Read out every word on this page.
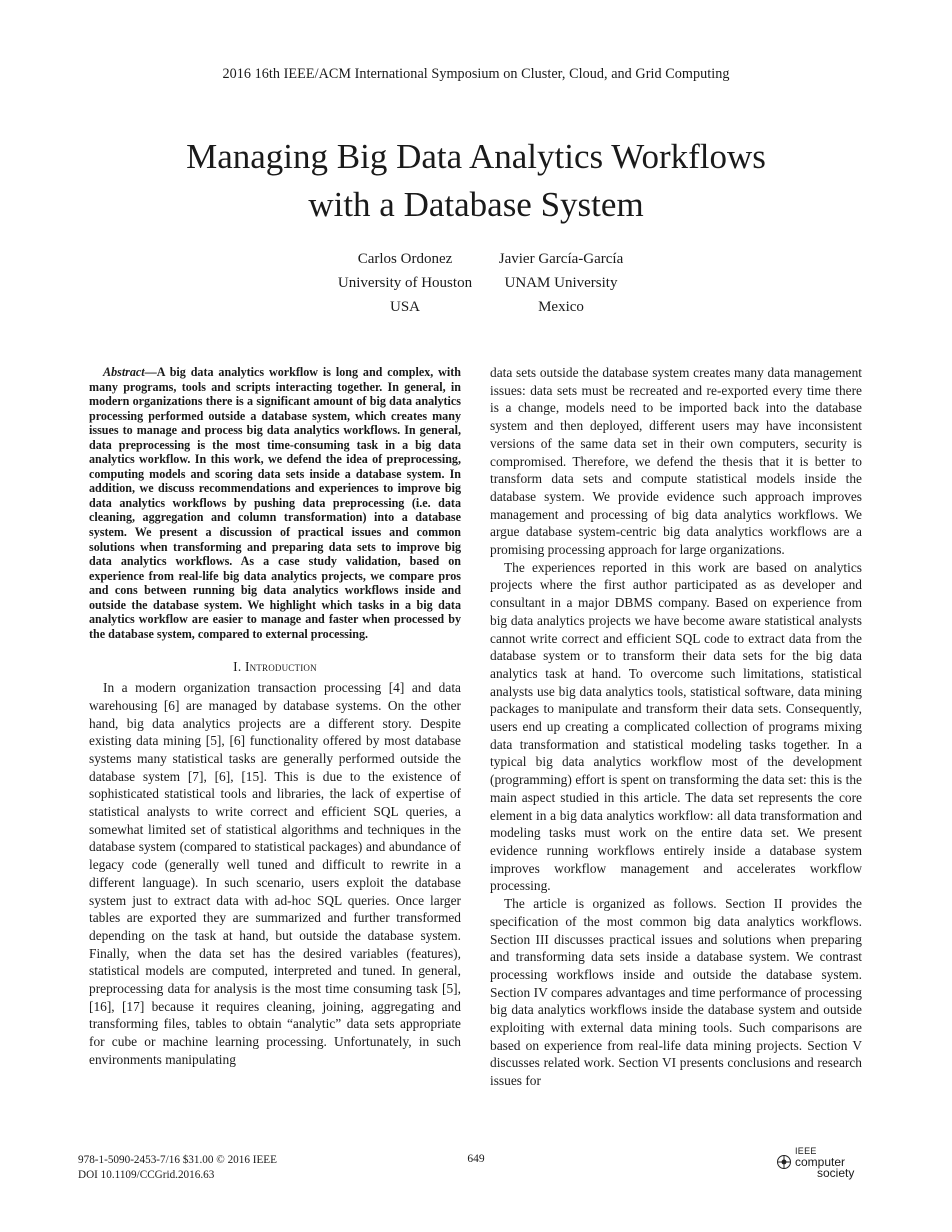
2016 16th IEEE/ACM International Symposium on Cluster, Cloud, and Grid Computing
Managing Big Data Analytics Workflows
with a Database System
Carlos Ordonez
University of Houston
USA
Javier García-García
UNAM University
Mexico

Abstract—A big data analytics workflow is long and complex, with many programs, tools and scripts interacting together. In general, in modern organizations there is a significant amount of big data analytics processing performed outside a database system, which creates many issues to manage and process big data analytics workflows. In general, data preprocessing is the most time-consuming task in a big data analytics workflow. In this work, we defend the idea of preprocessing, computing models and scoring data sets inside a database system. In addition, we discuss recommendations and experiences to improve big data analytics workflows by pushing data preprocessing (i.e. data cleaning, aggregation and column transformation) into a database system. We present a discussion of practical issues and common solutions when transforming and preparing data sets to improve big data analytics workflows. As a case study validation, based on experience from real-life big data analytics projects, we compare pros and cons between running big data analytics workflows inside and outside the database system. We highlight which tasks in a big data analytics workflow are easier to manage and faster when processed by the database system, compared to external processing.

I. Introduction

In a modern organization transaction processing [4] and data warehousing [6] are managed by database systems. On the other hand, big data analytics projects are a different story. Despite existing data mining [5], [6] functionality offered by most database systems many statistical tasks are generally performed outside the database system [7], [6], [15]. This is due to the existence of sophisticated statistical tools and libraries, the lack of expertise of statistical analysts to write correct and efficient SQL queries, a somewhat limited set of statistical algorithms and techniques in the database system (compared to statistical packages) and abundance of legacy code (generally well tuned and difficult to rewrite in a different language). In such scenario, users exploit the database system just to extract data with ad-hoc SQL queries. Once larger tables are exported they are summarized and further transformed depending on the task at hand, but outside the database system. Finally, when the data set has the desired variables (features), statistical models are computed, interpreted and tuned. In general, preprocessing data for analysis is the most time consuming task [5], [16], [17] because it requires cleaning, joining, aggregating and transforming files, tables to obtain “analytic” data sets appropriate for cube or machine learning processing. Unfortunately, in such environments manipulating

data sets outside the database system creates many data management issues: data sets must be recreated and re-exported every time there is a change, models need to be imported back into the database system and then deployed, different users may have inconsistent versions of the same data set in their own computers, security is compromised. Therefore, we defend the thesis that it is better to transform data sets and compute statistical models inside the database system. We provide evidence such approach improves management and processing of big data analytics workflows. We argue database system-centric big data analytics workflows are a promising processing approach for large organizations.

The experiences reported in this work are based on analytics projects where the first author participated as as developer and consultant in a major DBMS company. Based on experience from big data analytics projects we have become aware statistical analysts cannot write correct and efficient SQL code to extract data from the database system or to transform their data sets for the big data analytics task at hand. To overcome such limitations, statistical analysts use big data analytics tools, statistical software, data mining packages to manipulate and transform their data sets. Consequently, users end up creating a complicated collection of programs mixing data transformation and statistical modeling tasks together. In a typical big data analytics workflow most of the development (programming) effort is spent on transforming the data set: this is the main aspect studied in this article. The data set represents the core element in a big data analytics workflow: all data transformation and modeling tasks must work on the entire data set. We present evidence running workflows entirely inside a database system improves workflow management and accelerates workflow processing.

The article is organized as follows. Section II provides the specification of the most common big data analytics workflows. Section III discusses practical issues and solutions when preparing and transforming data sets inside a database system. We contrast processing workflows inside and outside the database system. Section IV compares advantages and time performance of processing big data analytics workflows inside the database system and outside exploiting with external data mining tools. Such comparisons are based on experience from real-life data mining projects. Section V discusses related work. Section VI presents conclusions and research issues for

978-1-5090-2453-7/16 $31.00 © 2016 IEEE
DOI 10.1109/CCGrid.2016.63
649
IEEE
computer
society
